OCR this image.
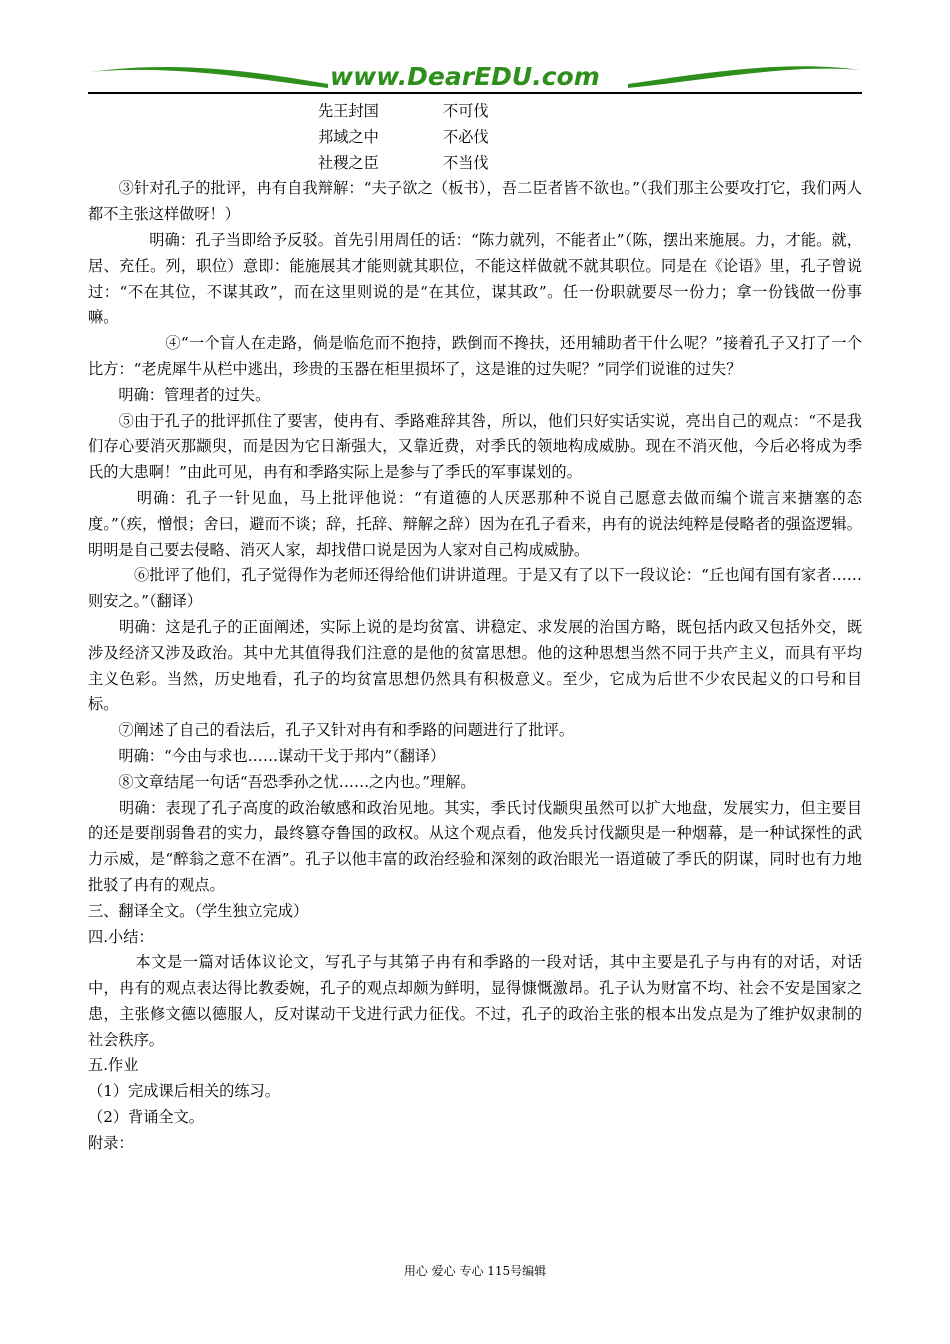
www.DearEDU.com
先王封国	不可伐
邦域之中	不必伐
社稷之臣	不当伐

　　③针对孔子的批评，冉有自我辩解：“夫子欲之（板书），吾二臣者皆不欲也。”（我们那主公要攻打它，我们两人都不主张这样做呀！）

　　　　明确：孔子当即给予反驳。首先引用周任的话：“陈力就列，不能者止”（陈，摆出来施展。力，才能。就，居、充任。列，职位）意即：能施展其才能则就其职位，不能这样做就不就其职位。同是在《论语》里，孔子曾说过：“不在其位，不谋其政”，而在这里则说的是“在其位，谋其政”。任一份职就要尽一份力；拿一份钱做一份事嘛。

　　　　　④“一个盲人在走路，倘是临危而不抱持，跌倒而不搀扶，还用辅助者干什么呢？”接着孔子又打了一个比方：“老虎犀牛从栏中逃出，珍贵的玉器在柜里损坏了，这是谁的过失呢？”同学们说谁的过失？

　　明确：管理者的过失。

　　⑤由于孔子的批评抓住了要害，使冉有、季路难辞其咎，所以，他们只好实话实说，亮出自己的观点：“不是我们存心要消灭那颛臾，而是因为它日渐强大，又靠近费，对季氏的领地构成威胁。现在不消灭他，今后必将成为季氏的大患啊！”由此可见，冉有和季路实际上是参与了季氏的军事谋划的。

　　　明确：孔子一针见血，马上批评他说：“有道德的人厌恶那种不说自己愿意去做而编个谎言来搪塞的态度。”（疾，憎恨；舍曰，避而不谈；辞，托辞、辩解之辞）因为在孔子看来，冉有的说法纯粹是侵略者的强盗逻辑。明明是自己要去侵略、消灭人家，却找借口说是因为人家对自己构成威胁。

　　　⑥批评了他们，孔子觉得作为老师还得给他们讲讲道理。于是又有了以下一段议论：“丘也闻有国有家者……则安之。”（翻译）

　　明确：这是孔子的正面阐述，实际上说的是均贫富、讲稳定、求发展的治国方略，既包括内政又包括外交，既涉及经济又涉及政治。其中尤其值得我们注意的是他的贫富思想。他的这种思想当然不同于共产主义，而具有平均主义色彩。当然，历史地看，孔子的均贫富思想仍然具有积极意义。至少，它成为后世不少农民起义的口号和目标。

　　⑦阐述了自己的看法后，孔子又针对冉有和季路的问题进行了批评。

　　明确：“今由与求也……谋动干戈于邦内”（翻译）

　　⑧文章结尾一句话“吾恐季孙之忧……之内也。”理解。

　　明确：表现了孔子高度的政治敏感和政治见地。其实，季氏讨伐颛臾虽然可以扩大地盘，发展实力，但主要目的还是要削弱鲁君的实力，最终篡夺鲁国的政权。从这个观点看，他发兵讨伐颛臾是一种烟幕，是一种试探性的武力示威，是“醉翁之意不在酒”。孔子以他丰富的政治经验和深刻的政治眼光一语道破了季氏的阴谋，同时也有力地批驳了冉有的观点。

三、翻译全文。（学生独立完成）

四.小结：

　　　本文是一篇对话体议论文，写孔子与其第子冉有和季路的一段对话，其中主要是孔子与冉有的对话，对话中，冉有的观点表达得比教委婉，孔子的观点却颇为鲜明，显得慷慨激昂。孔子认为财富不均、社会不安是国家之患，主张修文德以德服人，反对谋动干戈进行武力征伐。不过，孔子的政治主张的根本出发点是为了维护奴隶制的社会秩序。

五.作业

（1）完成课后相关的练习。

（2）背诵全文。

附录：

用心 爱心 专心 115号编辑
